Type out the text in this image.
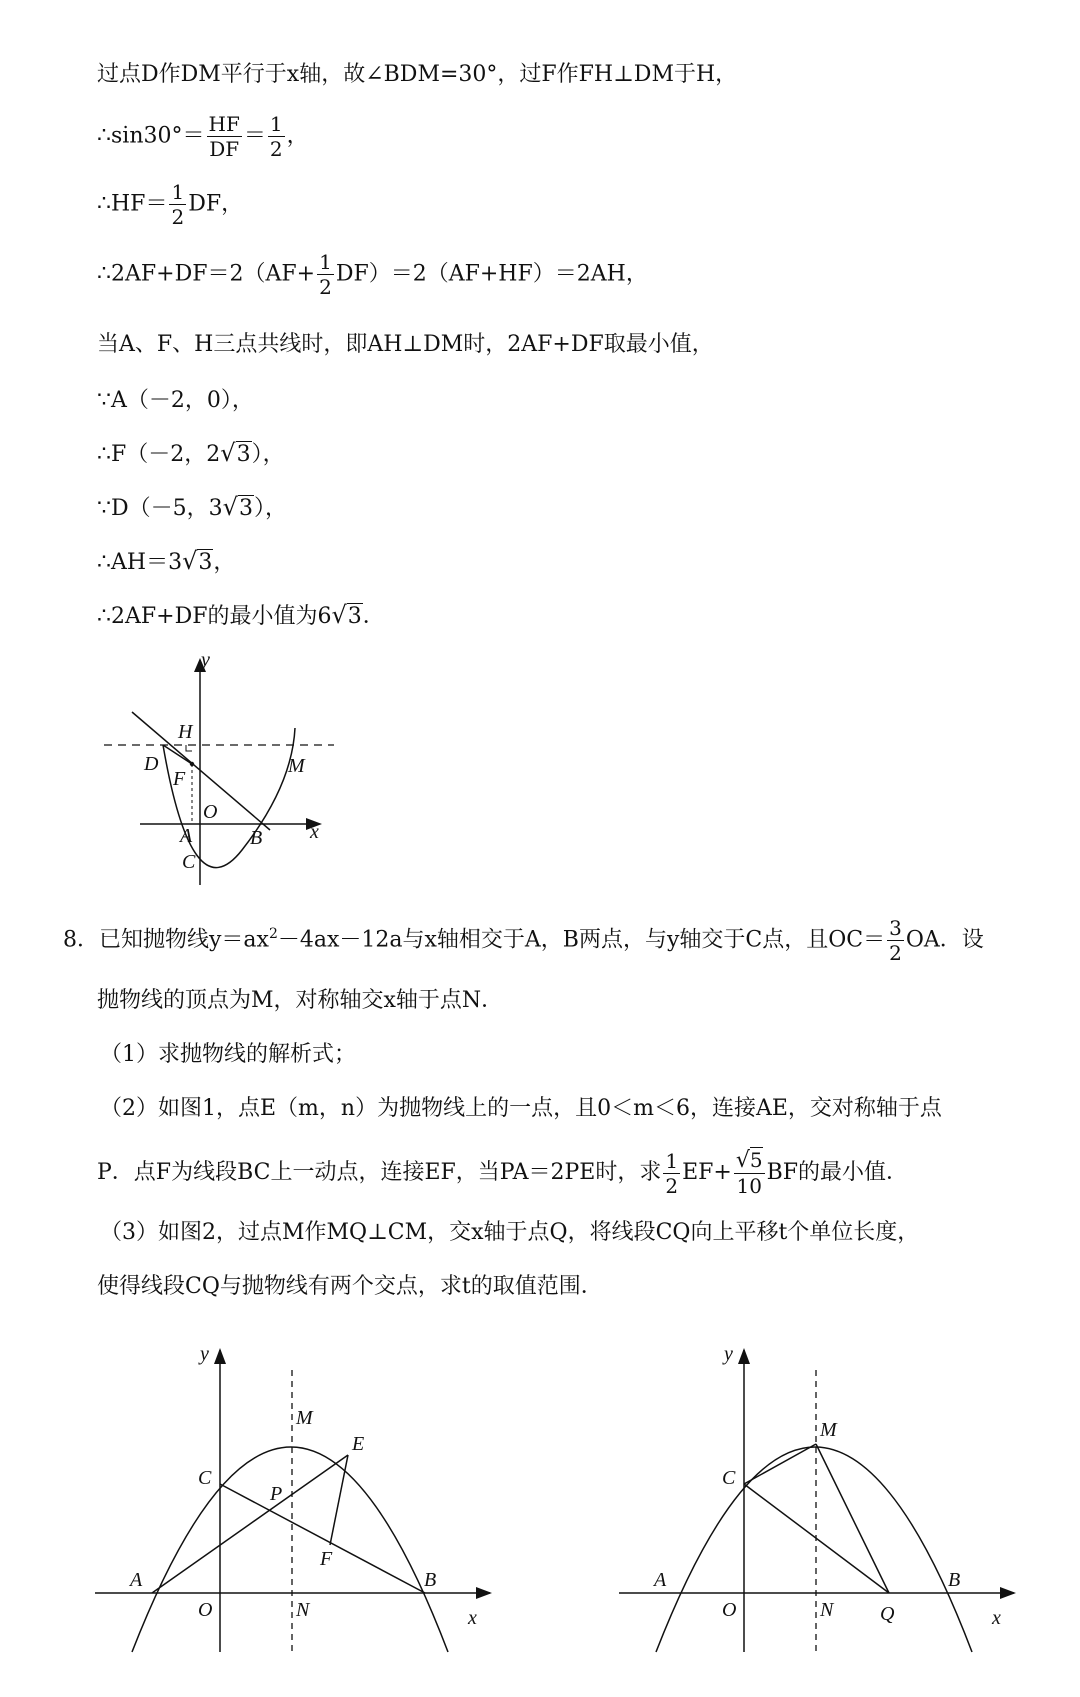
过点D作DM平行于x轴，故∠BDM=30°，过F作FH⊥DM于H，
∴sin30°＝ $\frac{HF}{DF} = \frac{1}{2}$ ，
∴HF＝ $\frac{1}{2}$ DF，
∴2AF+DF＝2（AF+ $\frac{1}{2} DF)=2(AF+HF)=2AH$，
当A、F、H三点共线时，即AH⊥DM时，2AF+DF取最小值，
∵A（－2，0），
∴F（－2，2√3），
∵D（－5，3√3），
∴AH＝3√3，
∴2AF+DF的最小值为6√3．
y
H
D	M
F
O
A	B x
C
8．已知抛物线$y=ax^2-4ax-12a$与x轴相交于A，B两点，与y轴交于C点，且$OC= \frac{3}{2}$ OA．设
抛物线的顶点为M，对称轴交x轴于点N．
（1）求抛物线的解析式；
（2）如图1，点E（m，n）为抛物线上的一点，且0＜m＜6，连接AE，交对称轴于点
P．点F为线段BC上一动点，连接EF，当PA＝2PE时，求 $\frac{1}{2} EF+ \frac{√5}{10}$ BF的最小值．
（3）如图2，过点M作MQ⊥CM，交x轴于点Q，将线段CQ向上平移t个单位长度，
使得线段CQ与抛物线有两个交点，求t的取值范围．
y
M
E
C
P
F
A	B
O	N	x
y
M
C
A	B
O	N Q	x
